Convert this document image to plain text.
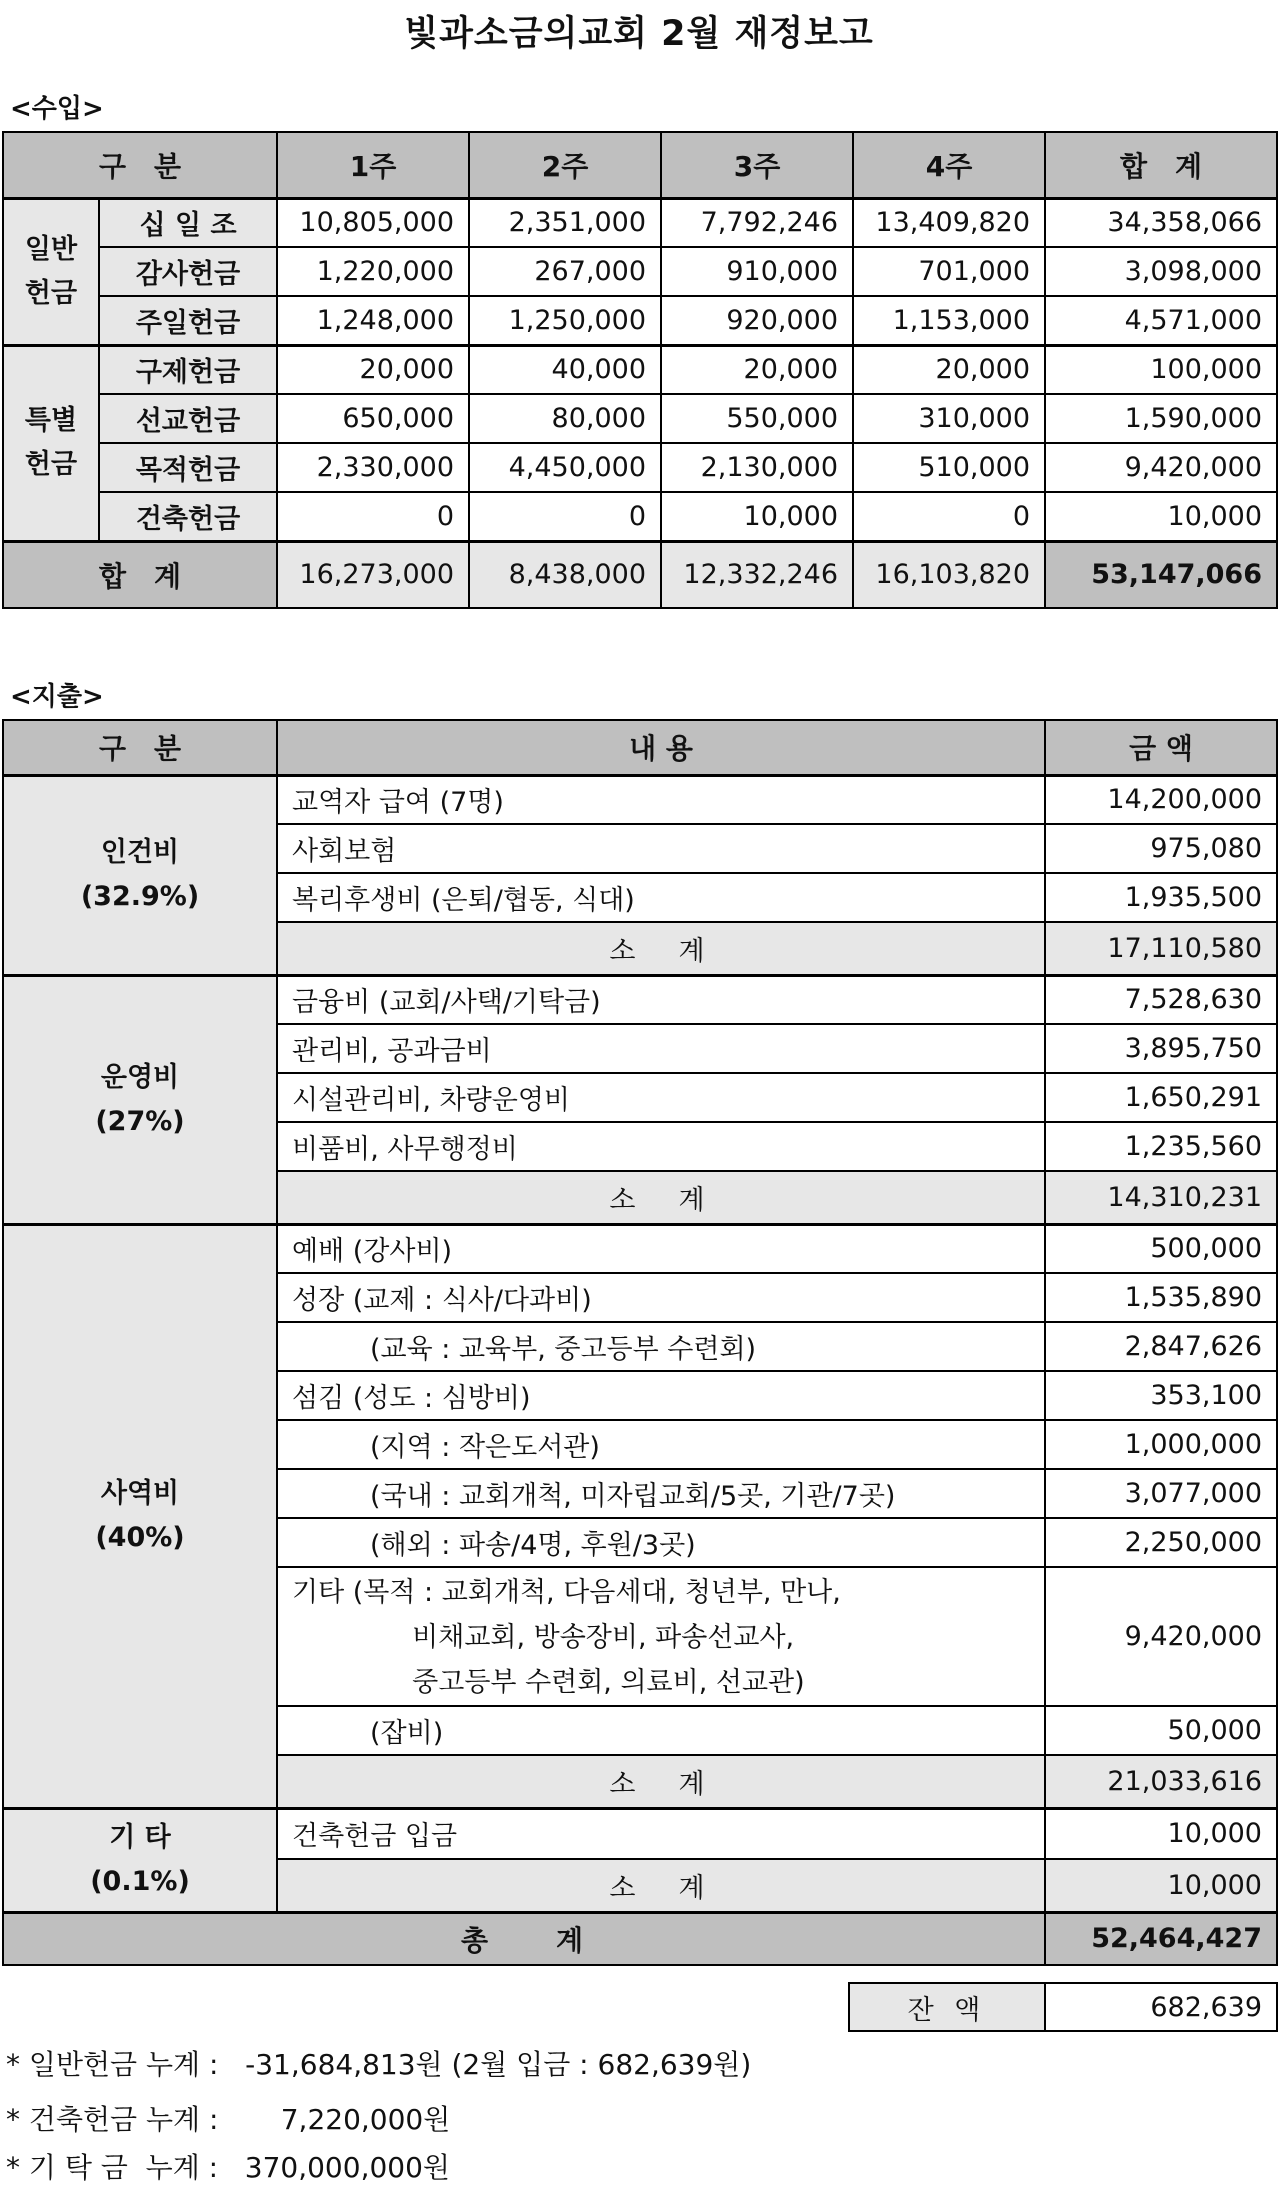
빛과소금의교회 2월 재정보고
<수입>
구　분		1주	2주	3주	4주	합　계
일반
헌금	십 일 조	10,805,000	2,351,000	7,792,246	13,409,820	34,358,066
	감사헌금	1,220,000	267,000	910,000	701,000	3,098,000
	주일헌금	1,248,000	1,250,000	920,000	1,153,000	4,571,000
특별
헌금	구제헌금	20,000	40,000	20,000	20,000	100,000
	선교헌금	650,000	80,000	550,000	310,000	1,590,000
	목적헌금	2,330,000	4,450,000	2,130,000	510,000	9,420,000
	건축헌금	0	0	10,000	0	10,000
합　계		16,273,000	8,438,000	12,332,246	16,103,820	53,147,066
<지출>
구　분	내 용	금 액
인건비
(32.9%)	교역자 급여 (7명)	14,200,000
	사회보험	975,080
	복리후생비 (은퇴/협동, 식대)	1,935,500
	소　계	17,110,580
운영비
(27%)	금융비 (교회/사택/기탁금)	7,528,630
	관리비, 공과금비	3,895,750
	시설관리비, 차량운영비	1,650,291
	비품비, 사무행정비	1,235,560
	소　계	14,310,231
사역비
(40%)	예배 (강사비)	500,000
	성장 (교제 : 식사/다과비)	1,535,890
	(교육 : 교육부, 중고등부 수련회)	2,847,626
	섬김 (성도 : 심방비)	353,100
	(지역 : 작은도서관)	1,000,000
	(국내 : 교회개척, 미자립교회/5곳, 기관/7곳)	3,077,000
	(해외 : 파송/4명, 후원/3곳)	2,250,000
	기타 (목적 : 교회개척, 다음세대, 청년부, 만나,
비채교회, 방송장비, 파송선교사,
중고등부 수련회, 의료비, 선교관)	9,420,000
	(잡비)	50,000
	소　계	21,033,616
기 타
(0.1%)	건축헌금 입금	10,000
	소　계	10,000
총　　계		52,464,427
잔 액	682,639
* 일반헌금 누계 :   -31,684,813원 (2월 입금 : 682,639원)
* 건축헌금 누계 :       7,220,000원
* 기 탁 금  누계 :   370,000,000원
